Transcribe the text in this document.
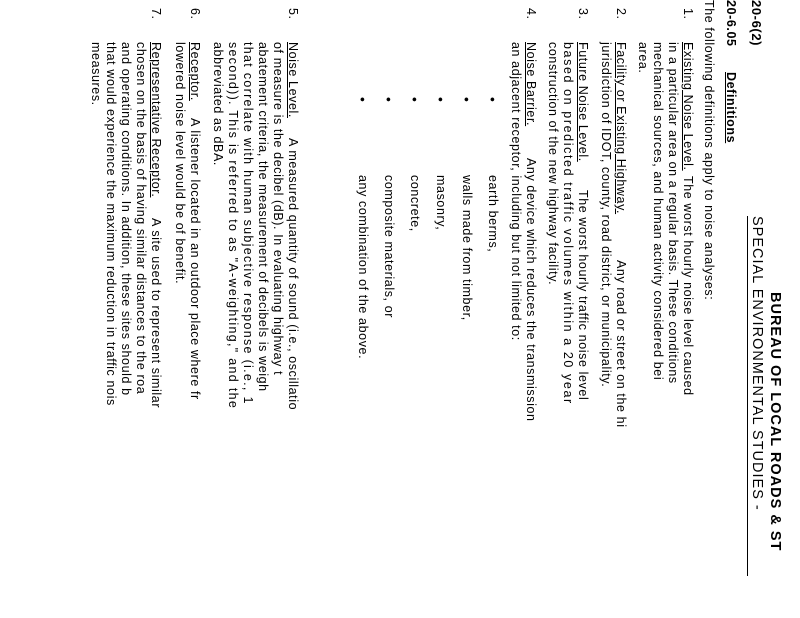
BUREAU OF LOCAL ROADS & ST
SPECIAL ENVIRONMENTAL STUDIES -
20-6(2)
20-6.05
Definitions
The following definitions apply to noise analyses:
1.
Existing Noise Level.
The worst hourly noise level caused
in a particular area on a regular basis. These conditions
mechanical sources, and human activity considered bei
area.
2.
Facility or Existing Highway.
Any road or street on the hi
jurisdiction of IDOT, county, road district, or municipality.
3.
Future Noise Level.
The worst hourly traffic noise level
based on predicted traffic volumes within a 20 year
construction of the new highway facility.
4.
Noise Barrier.
Any device which reduces the transmission
an adjacent receptor, including but not limited to:
• earth berms,
• walls made from timber,
• masonry,
• concrete,
• composite materials, or
• any combination of the above.
5.
Noise Level.
A measured quantity of sound (i.e., oscillatio
of measure is the decibel (dB). In evaluating highway t
abatement criteria, the measurement of decibels is weigh
that correlate with human subjective response (i.e., 1
second)). This is referred to as "A-weighting," and the
abbreviated as dBA.
6.
Receptor.
A listener located in an outdoor place where fr
lowered noise level would be of benefit.
7.
Representative Receptor.
A site used to represent similar
chosen on the basis of having similar distances to the roa
and operating conditions. In addition, these sites should b
that would experience the maximum reduction in traffic nois
measures.
